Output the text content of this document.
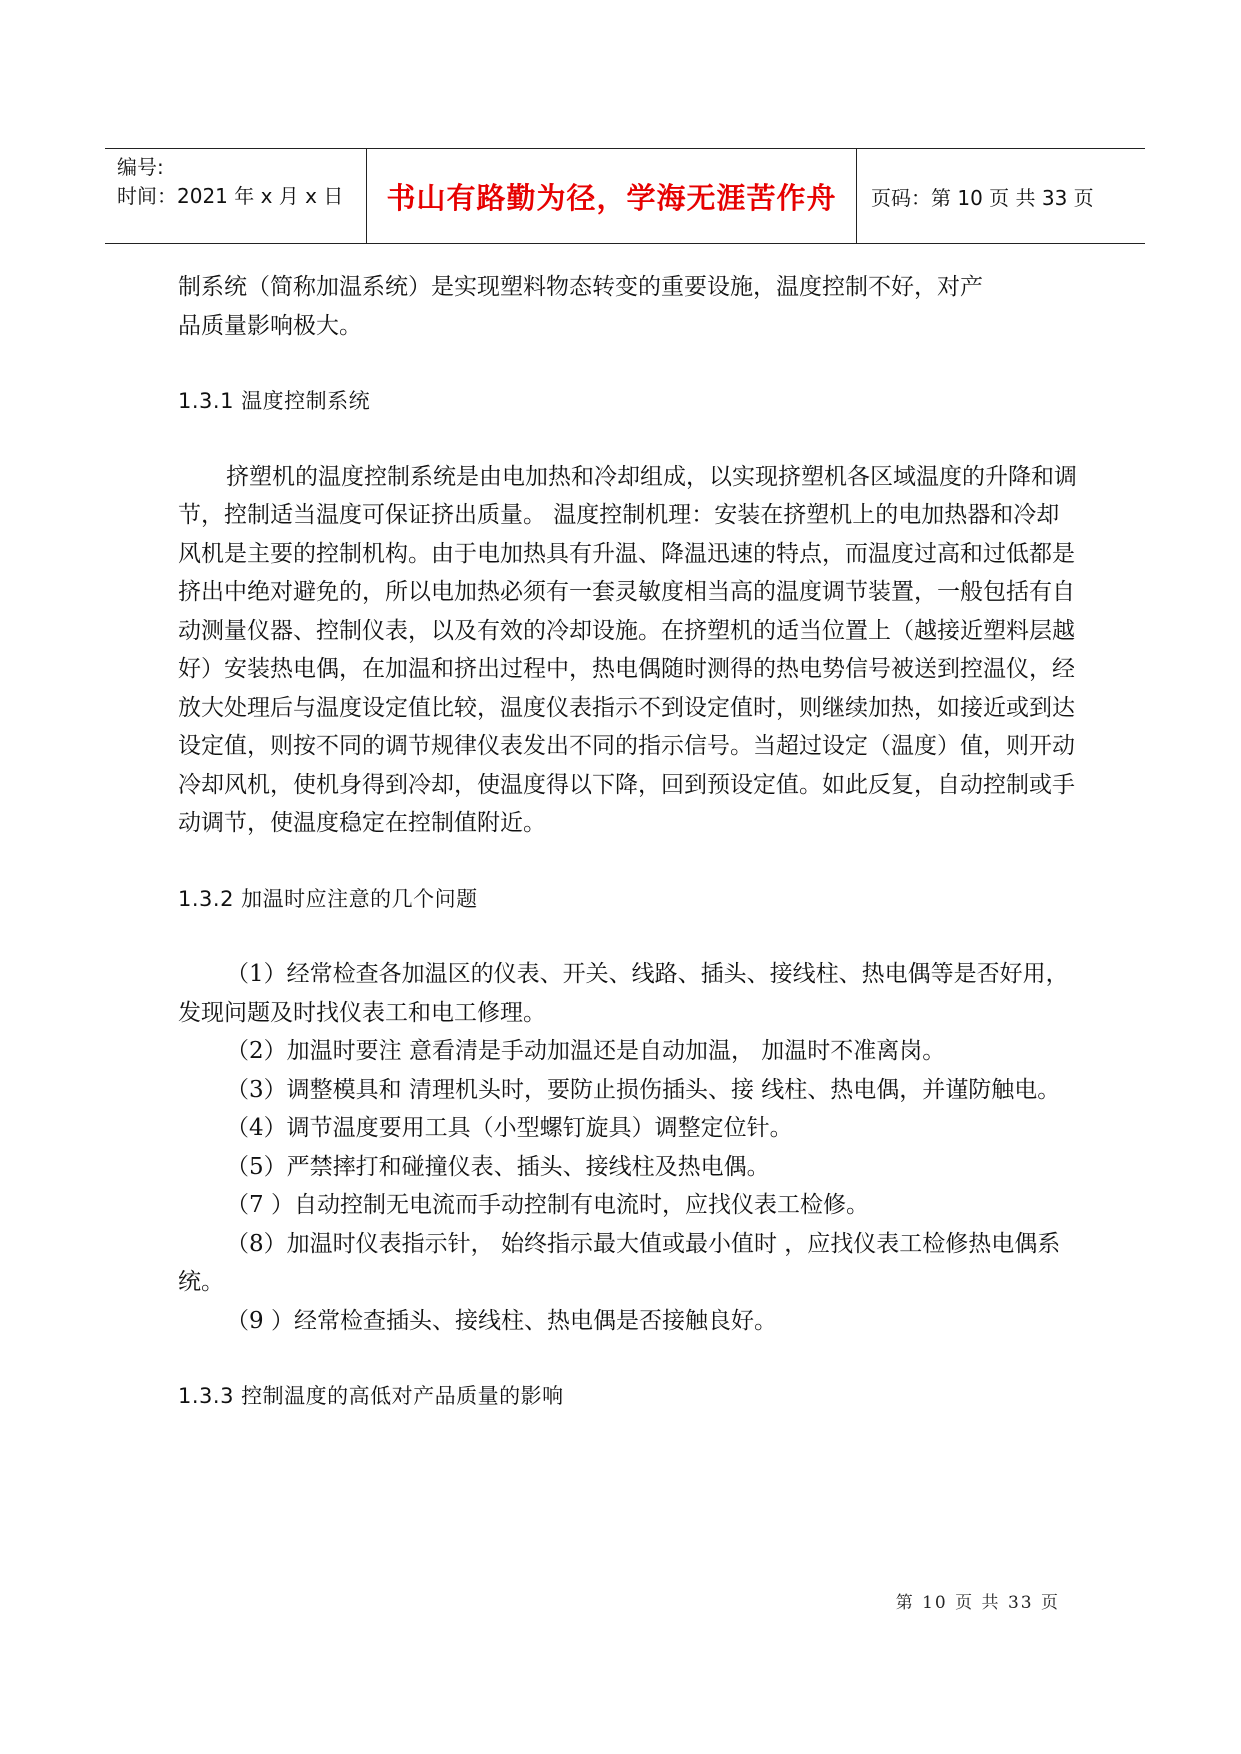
编号:
时间：2021 年 x 月 x 日	书山有路勤为径，学海无涯苦作舟	页码：第 10 页 共 33 页

制系统（简称加温系统）是实现塑料物态转变的重要设施，温度控制不好，对产

品质量影响极大。

1.3.1 温度控制系统

挤塑机的温度控制系统是由电加热和冷却组成，以实现挤塑机各区域温度的升降和调节，控制适当温度可保证挤出质量。 温度控制机理：安装在挤塑机上的电加热器和冷却风机是主要的控制机构。由于电加热具有升温、降温迅速的特点，而温度过高和过低都是挤出中绝对避免的，所以电加热必须有一套灵敏度相当高的温度调节装置，一般包括有自动测量仪器、控制仪表，以及有效的冷却设施。在挤塑机的适当位置上（越接近塑料层越好）安装热电偶，在加温和挤出过程中，热电偶随时测得的热电势信号被送到控温仪，经放大处理后与温度设定值比较，温度仪表指示不到设定值时，则继续加热，如接近或到达设定值，则按不同的调节规律仪表发出不同的指示信号。当超过设定（温度）值，则开动冷却风机，使机身得到冷却，使温度得以下降，回到预设定值。如此反复，自动控制或手动调节，使温度稳定在控制值附近。

1.3.2 加温时应注意的几个问题

（1）经常检查各加温区的仪表、开关、线路、插头、接线柱、热电偶等是否好用，发现问题及时找仪表工和电工修理。

（2）加温时要注 意看清是手动加温还是自动加温， 加温时不准离岗。

（3）调整模具和 清理机头时，要防止损伤插头、接 线柱、热电偶，并谨防触电。

（4）调节温度要用工具（小型螺钉旋具）调整定位针。

（5）严禁摔打和碰撞仪表、插头、接线柱及热电偶。

（7 ）自动控制无电流而手动控制有电流时，应找仪表工检修。

（8）加温时仪表指示针， 始终指示最大值或最小值时 ，应找仪表工检修热电偶系统。

（9 ）经常检查插头、接线柱、热电偶是否接触良好。

1.3.3 控制温度的高低对产品质量的影响

第 10 页 共 33 页
